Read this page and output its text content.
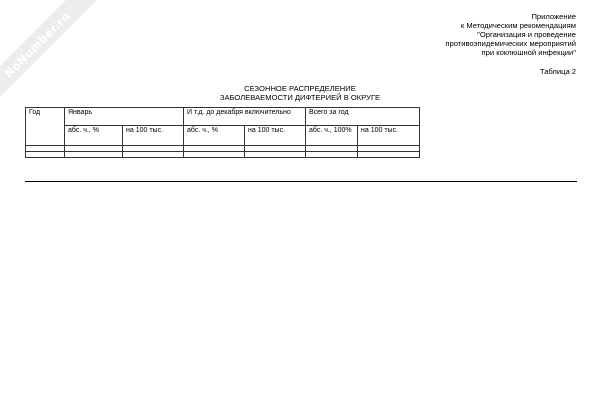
NoNumber.ru	Приложение
к Методическим рекомендациям
"Организация и проведение
противоэпидемических мероприятий
при коклюшной инфекции"
Таблица 2
СЕЗОННОЕ РАСПРЕДЕЛЕНИЕ
ЗАБОЛЕВАЕМОСТИ ДИФТЕРИЕЙ В ОКРУГЕ
Год	Январь		И т.д. до декабря включительно		Всего за год	
	абс. ч., %	на 100 тыс.	абс. ч., %	на 100 тыс.	абс. ч., 100%	на 100 тыс.
